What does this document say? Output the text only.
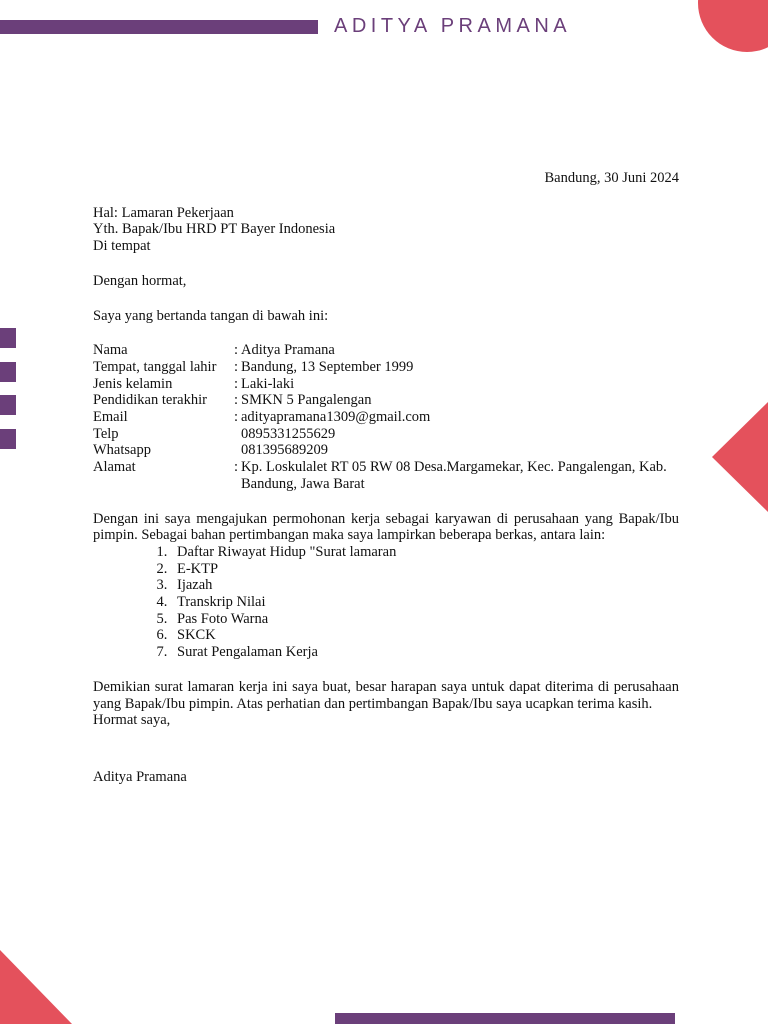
ADITYA PRAMANA

Bandung, 30 Juni 2024

Hal: Lamaran Pekerjaan

Yth. Bapak/Ibu HRD PT Bayer Indonesia

Di tempat

Dengan hormat,

Saya yang bertanda tangan di bawah ini:

Nama	:	Aditya Pramana
Tempat, tanggal lahir	:	Bandung, 13 September 1999
Jenis kelamin	:	Laki-laki
Pendidikan terakhir	:	SMKN 5 Pangalengan
Email	:	adityapramana1309@gmail.com
Telp		0895331255629
Whatsapp		081395689209
Alamat	:	Kp. Loskulalet RT 05 RW 08 Desa.Margamekar, Kec. Pangalengan, Kab. Bandung, Jawa Barat

Dengan ini saya mengajukan permohonan kerja sebagai karyawan di perusahaan yang Bapak/Ibu pimpin. Sebagai bahan pertimbangan maka saya lampirkan beberapa berkas, antara lain:

1. Daftar Riwayat Hidup "Surat lamaran
2. E-KTP
3. Ijazah
4. Transkrip Nilai
5. Pas Foto Warna
6. SKCK
7. Surat Pengalaman Kerja

Demikian surat lamaran kerja ini saya buat, besar harapan saya untuk dapat diterima di perusahaan yang Bapak/Ibu pimpin. Atas perhatian dan pertimbangan Bapak/Ibu saya ucapkan terima kasih.

Hormat saya,

Aditya Pramana
